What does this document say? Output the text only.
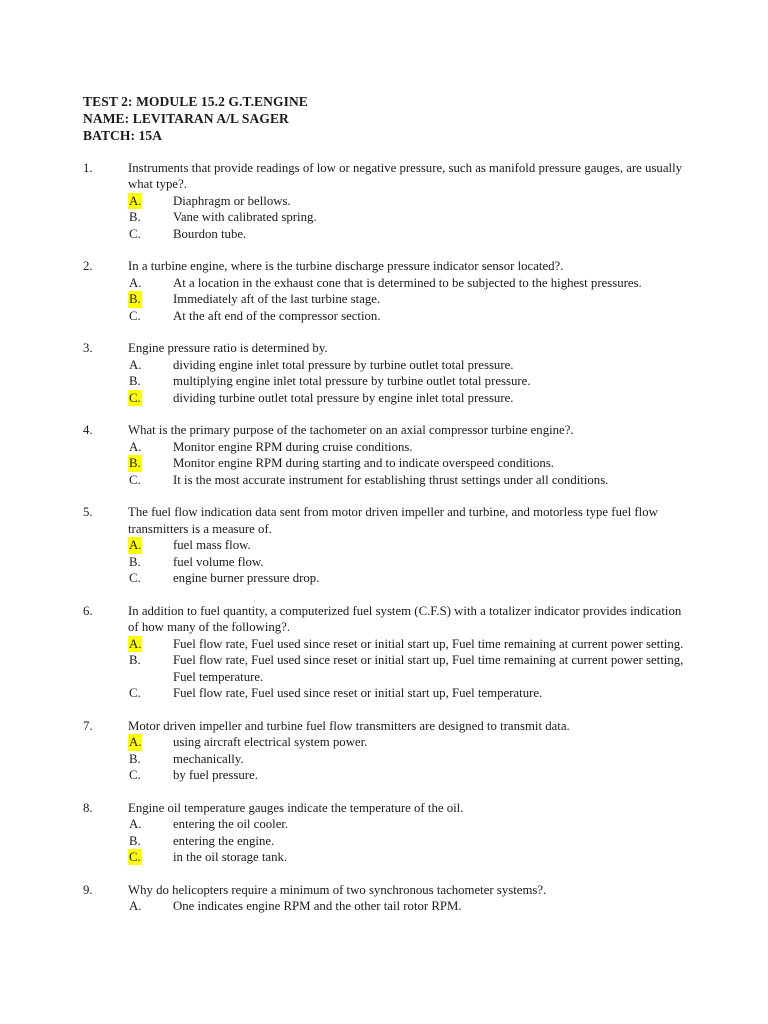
TEST 2: MODULE 15.2 G.T.ENGINE
NAME: LEVITARAN A/L SAGER
BATCH: 15A
1.	Instruments that provide readings of low or negative pressure, such as manifold pressure gauges, are usually what type?.
A. Diaphragm or bellows.
B.	Vane with calibrated spring.
C.	Bourdon tube.
2.	In a turbine engine, where is the turbine discharge pressure indicator sensor located?.
A. At a location in the exhaust cone that is determined to be subjected to the highest pressures.
B.	Immediately aft of the last turbine stage.
C.	At the aft end of the compressor section.
3.	Engine pressure ratio is determined by.
A. dividing engine inlet total pressure by turbine outlet total pressure.
B.	multiplying engine inlet total pressure by turbine outlet total pressure.
C.	dividing turbine outlet total pressure by engine inlet total pressure.
4.	What is the primary purpose of the tachometer on an axial compressor turbine engine?.
A. Monitor engine RPM during cruise conditions.
B.	Monitor engine RPM during starting and to indicate overspeed conditions.
C.	It is the most accurate instrument for establishing thrust settings under all conditions.
5.	The fuel flow indication data sent from motor driven impeller and turbine, and motorless type fuel flow transmitters is a measure of.
A. fuel mass flow.
B.	fuel volume flow.
C.	engine burner pressure drop.
6.	In addition to fuel quantity, a computerized fuel system (C.F.S) with a totalizer indicator provides indication of how many of the following?.
A. Fuel flow rate, Fuel used since reset or initial start up, Fuel time remaining at current power setting.
B.	Fuel flow rate, Fuel used since reset or initial start up, Fuel time remaining at current power setting, Fuel temperature.
C.	Fuel flow rate, Fuel used since reset or initial start up, Fuel temperature.
7.	Motor driven impeller and turbine fuel flow transmitters are designed to transmit data.
A. using aircraft electrical system power.
B.	mechanically.
C.	by fuel pressure.
8.	Engine oil temperature gauges indicate the temperature of the oil.
A. entering the oil cooler.
B.	entering the engine.
C.	in the oil storage tank.
9.	Why do helicopters require a minimum of two synchronous tachometer systems?.
A. One indicates engine RPM and the other tail rotor RPM.
